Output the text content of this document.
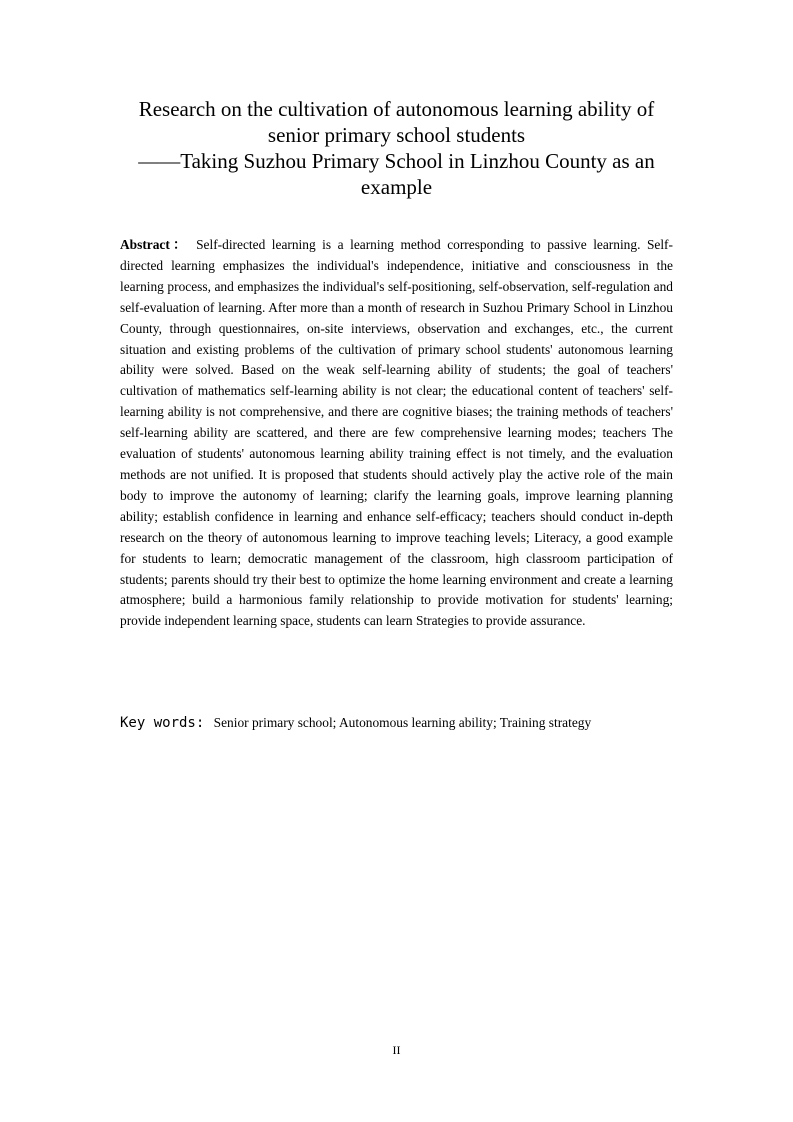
Research on the cultivation of autonomous learning ability of
senior primary school students
——Taking Suzhou Primary School in Linzhou County as an
example
Abstract： Self-directed learning is a learning method corresponding to passive learning. Self-directed learning emphasizes the individual's independence, initiative and consciousness in the learning process, and emphasizes the individual's self-positioning, self-observation, self-regulation and self-evaluation of learning. After more than a month of research in Suzhou Primary School in Linzhou County, through questionnaires, on-site interviews, observation and exchanges, etc., the current situation and existing problems of the cultivation of primary school students' autonomous learning ability were solved. Based on the weak self-learning ability of students; the goal of teachers' cultivation of mathematics self-learning ability is not clear; the educational content of teachers' self-learning ability is not comprehensive, and there are cognitive biases; the training methods of teachers' self-learning ability are scattered, and there are few comprehensive learning modes; teachers The evaluation of students' autonomous learning ability training effect is not timely, and the evaluation methods are not unified. It is proposed that students should actively play the active role of the main body to improve the autonomy of learning; clarify the learning goals, improve learning planning ability; establish confidence in learning and enhance self-efficacy; teachers should conduct in-depth research on the theory of autonomous learning to improve teaching levels; Literacy, a good example for students to learn; democratic management of the classroom, high classroom participation of students; parents should try their best to optimize the home learning environment and create a learning atmosphere; build a harmonious family relationship to provide motivation for students' learning; provide independent learning space, students can learn Strategies to provide assurance.
Key words: Senior primary school; Autonomous learning ability; Training strategy
II
